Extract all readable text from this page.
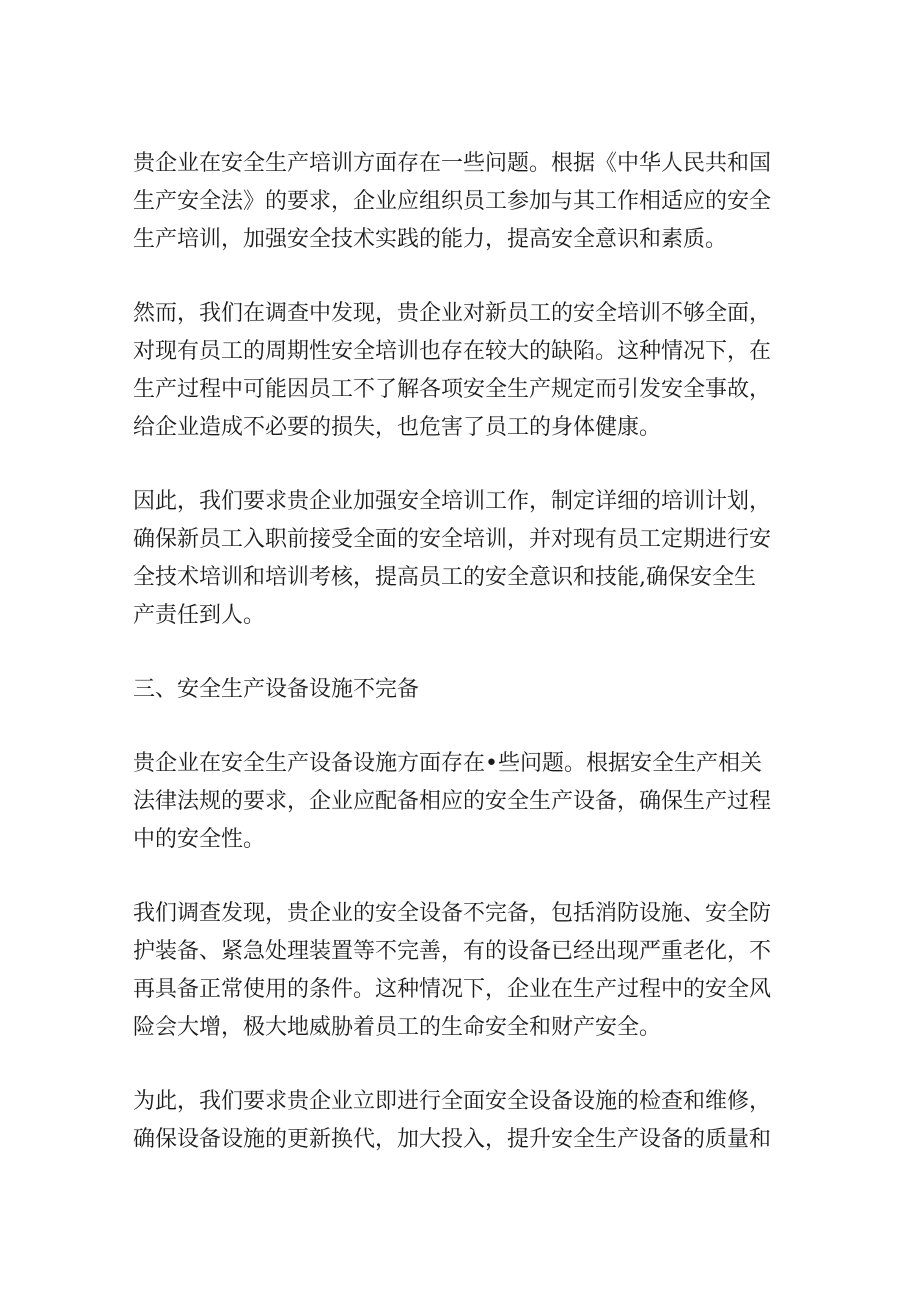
贵企业在安全生产培训方面存在一些问题。根据《中华人民共和国
生产安全法》的要求，企业应组织员工参加与其工作相适应的安全
生产培训，加强安全技术实践的能力，提高安全意识和素质。
然而，我们在调查中发现，贵企业对新员工的安全培训不够全面，
对现有员工的周期性安全培训也存在较大的缺陷。这种情况下，在
生产过程中可能因员工不了解各项安全生产规定而引发安全事故，
给企业造成不必要的损失，也危害了员工的身体健康。
因此，我们要求贵企业加强安全培训工作，制定详细的培训计划，
确保新员工入职前接受全面的安全培训，并对现有员工定期进行安
全技术培训和培训考核，提高员工的安全意识和技能,确保安全生
产责任到人。
三、安全生产设备设施不完备
贵企业在安全生产设备设施方面存在•些问题。根据安全生产相关
法律法规的要求，企业应配备相应的安全生产设备，确保生产过程
中的安全性。
我们调查发现，贵企业的安全设备不完备，包括消防设施、安全防
护装备、紧急处理装置等不完善，有的设备已经出现严重老化，不
再具备正常使用的条件。这种情况下，企业在生产过程中的安全风
险会大增，极大地威胁着员工的生命安全和财产安全。
为此，我们要求贵企业立即进行全面安全设备设施的检查和维修，
确保设备设施的更新换代，加大投入，提升安全生产设备的质量和
